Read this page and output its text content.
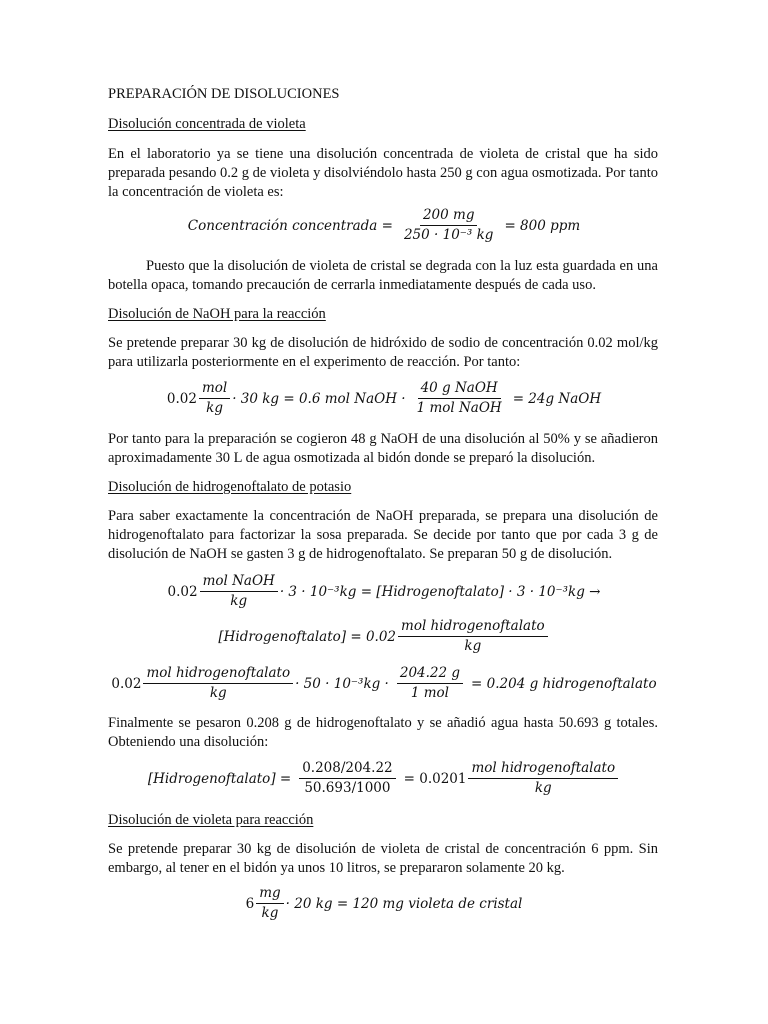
PREPARACIÓN DE DISOLUCIONES

Disolución concentrada de violeta

En el laboratorio ya se tiene una disolución concentrada de violeta de cristal que ha sido preparada pesando 0.2 g de violeta y disolviéndolo hasta 250 g con agua osmotizada. Por tanto la concentración de violeta es:

Concentración concentrada = $\frac{200 mg}{\text{250 · 10⁻³ kg}} = 800$ ppm

Puesto que la disolución de violeta de cristal se degrada con la luz esta guardada en una botella opaca, tomando precaución de cerrarla inmediatamente después de cada uso.

Disolución de NaOH para la reacción

Se pretende preparar 30 kg de disolución de hidróxido de sodio de concentración 0.02 mol/kg para utilizarla posteriormente en el experimento de reacción. Por tanto:

$0.02 \frac{\text{mol}}{kg} \cdot 30$ kg = 0.6 mol NaOH · $\frac{\text{40 g NaOH}}{\text{1 mol NaOH}} = 24g$ NaOH

Por tanto para la preparación se cogieron 48 g NaOH de una disolución al 50% y se añadieron aproximadamente 30 L de agua osmotizada al bidón donde se preparó la disolución.

Disolución de hidrogenoftalato de potasio

Para saber exactamente la concentración de NaOH preparada, se prepara una disolución de hidrogenoftalato para factorizar la sosa preparada. Se decide por tanto que por cada 3 g de disolución de NaOH se gasten 3 g de hidrogenoftalato. Se preparan 50 g de disolución.

$0.02 \frac{\text{mol NaOH}}{kg} \cdot 3 \cdot 10^{-3}kg$ = [Hidrogenoftalato] · 3 · 10⁻³kg →
[Hidrogenoftalato] = $0.02 \frac{\text{mol hidrogenoftalato}}{kg}$
$0.02 \frac{\text{mol hidrogenoftalato}}{kg} \cdot 50 \cdot 10^{-3}kg \cdot \frac{204.22 g}{\text{1 mol}} = 0.204$ g hidrogenoftalato

Finalmente se pesaron 0.208 g de hidrogenoftalato y se añadió agua hasta 50.693 g totales. Obteniendo una disolución:

[Hidrogenoftalato] = $\frac{0.208/204.22}{50.693/1000} = 0.0201 \frac{\text{mol hidrogenoftalato}}{kg}$

Disolución de violeta para reacción

Se pretende preparar 30 kg de disolución de violeta de cristal de concentración 6 ppm. Sin embargo, al tener en el bidón ya unos 10 litros, se prepararon solamente 20 kg.

$6 \frac{mg}{kg} \cdot 20$ kg = 120 mg violeta de cristal
